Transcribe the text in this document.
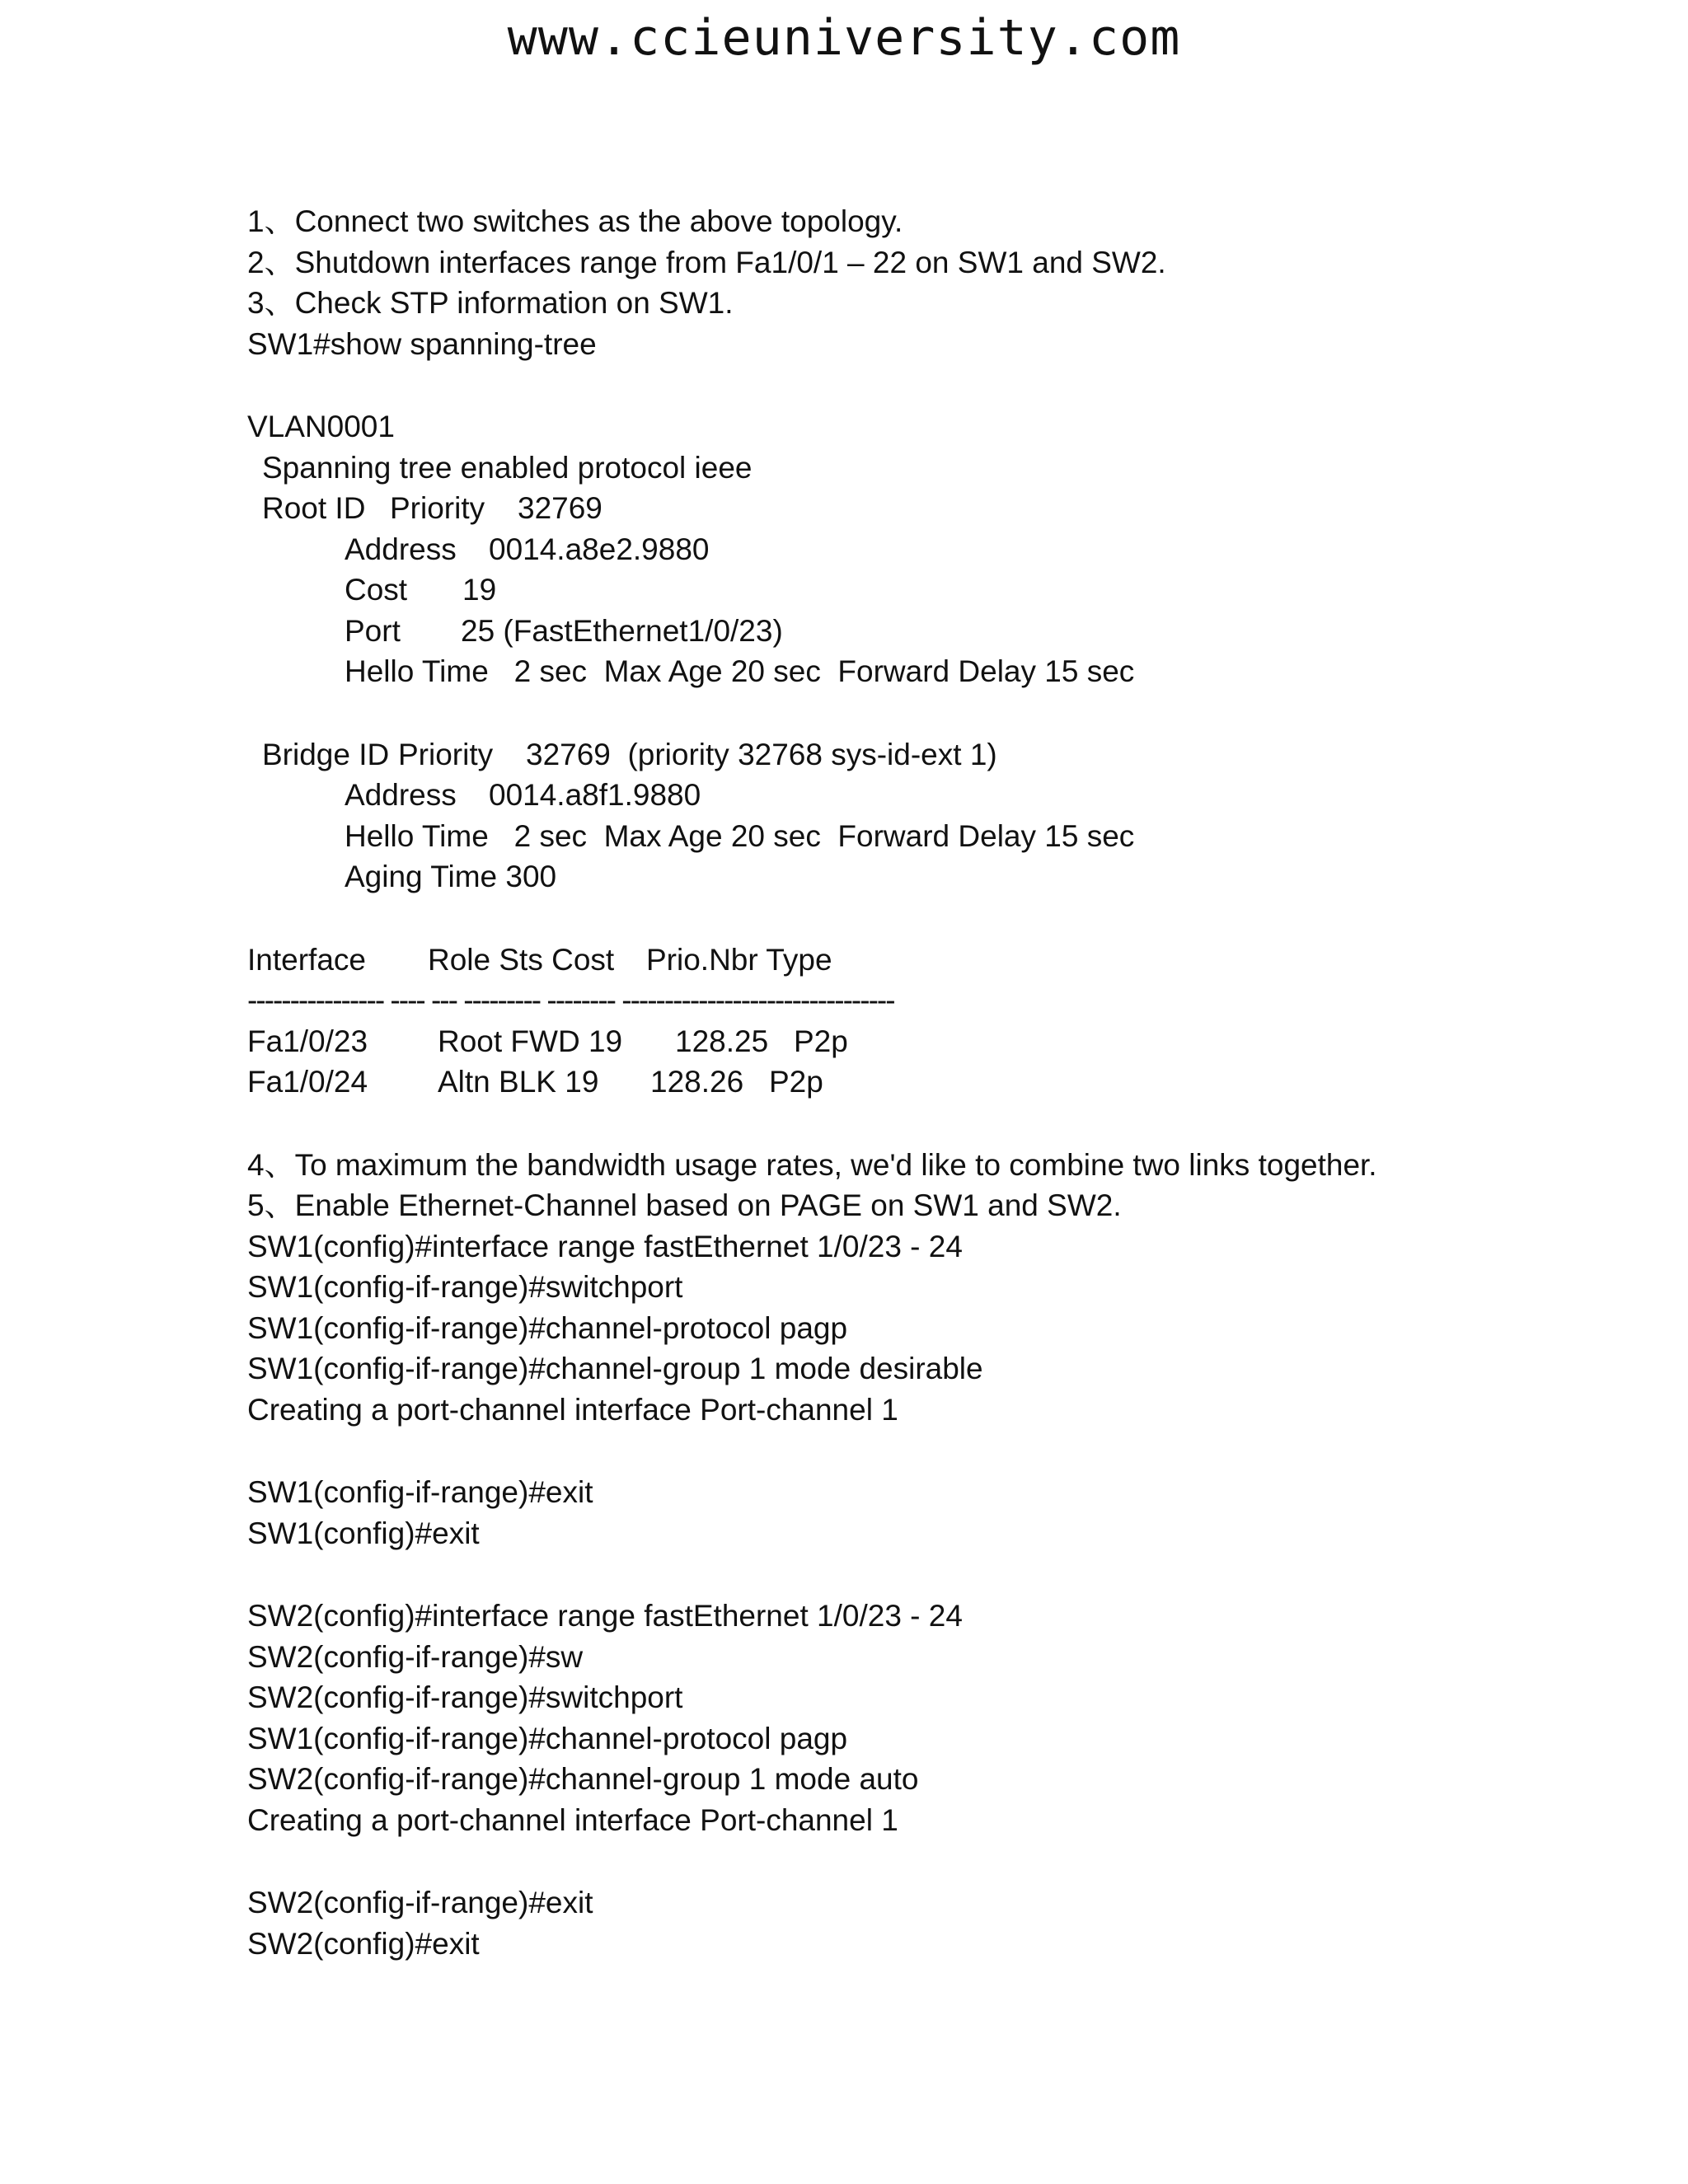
www.ccieuniversity.com
1、Connect two switches as the above topology.
2、Shutdown interfaces range from Fa1/0/1 – 22 on SW1 and SW2.
3、Check STP information on SW1.
SW1#show spanning-tree
VLAN0001
Spanning tree enabled protocol ieee
Root ID Priority 32769
Address 0014.a8e2.9880
Cost 19
Port 25 (FastEthernet1/0/23)
Hello Time   2 sec  Max Age 20 sec  Forward Delay 15 sec
Bridge ID Priority 32769  (priority 32768 sys-id-ext 1)
Address 0014.a8f1.9880
Hello Time   2 sec  Max Age 20 sec  Forward Delay 15 sec
Aging Time 300
Interface Role Sts Cost Prio.Nbr Type
---------------- ---- --- --------- -------- --------------------------------
Fa1/0/23 Root FWD 19 128.25   P2p
Fa1/0/24 Altn BLK 19 128.26   P2p
4、To maximum the bandwidth usage rates, we'd like to combine two links together.
5、Enable Ethernet-Channel based on PAGE on SW1 and SW2.
SW1(config)#interface range fastEthernet 1/0/23 - 24
SW1(config-if-range)#switchport
SW1(config-if-range)#channel-protocol pagp
SW1(config-if-range)#channel-group 1 mode desirable
Creating a port-channel interface Port-channel 1
SW1(config-if-range)#exit
SW1(config)#exit
SW2(config)#interface range fastEthernet 1/0/23 - 24
SW2(config-if-range)#sw
SW2(config-if-range)#switchport
SW1(config-if-range)#channel-protocol pagp
SW2(config-if-range)#channel-group 1 mode auto
Creating a port-channel interface Port-channel 1
SW2(config-if-range)#exit
SW2(config)#exit
